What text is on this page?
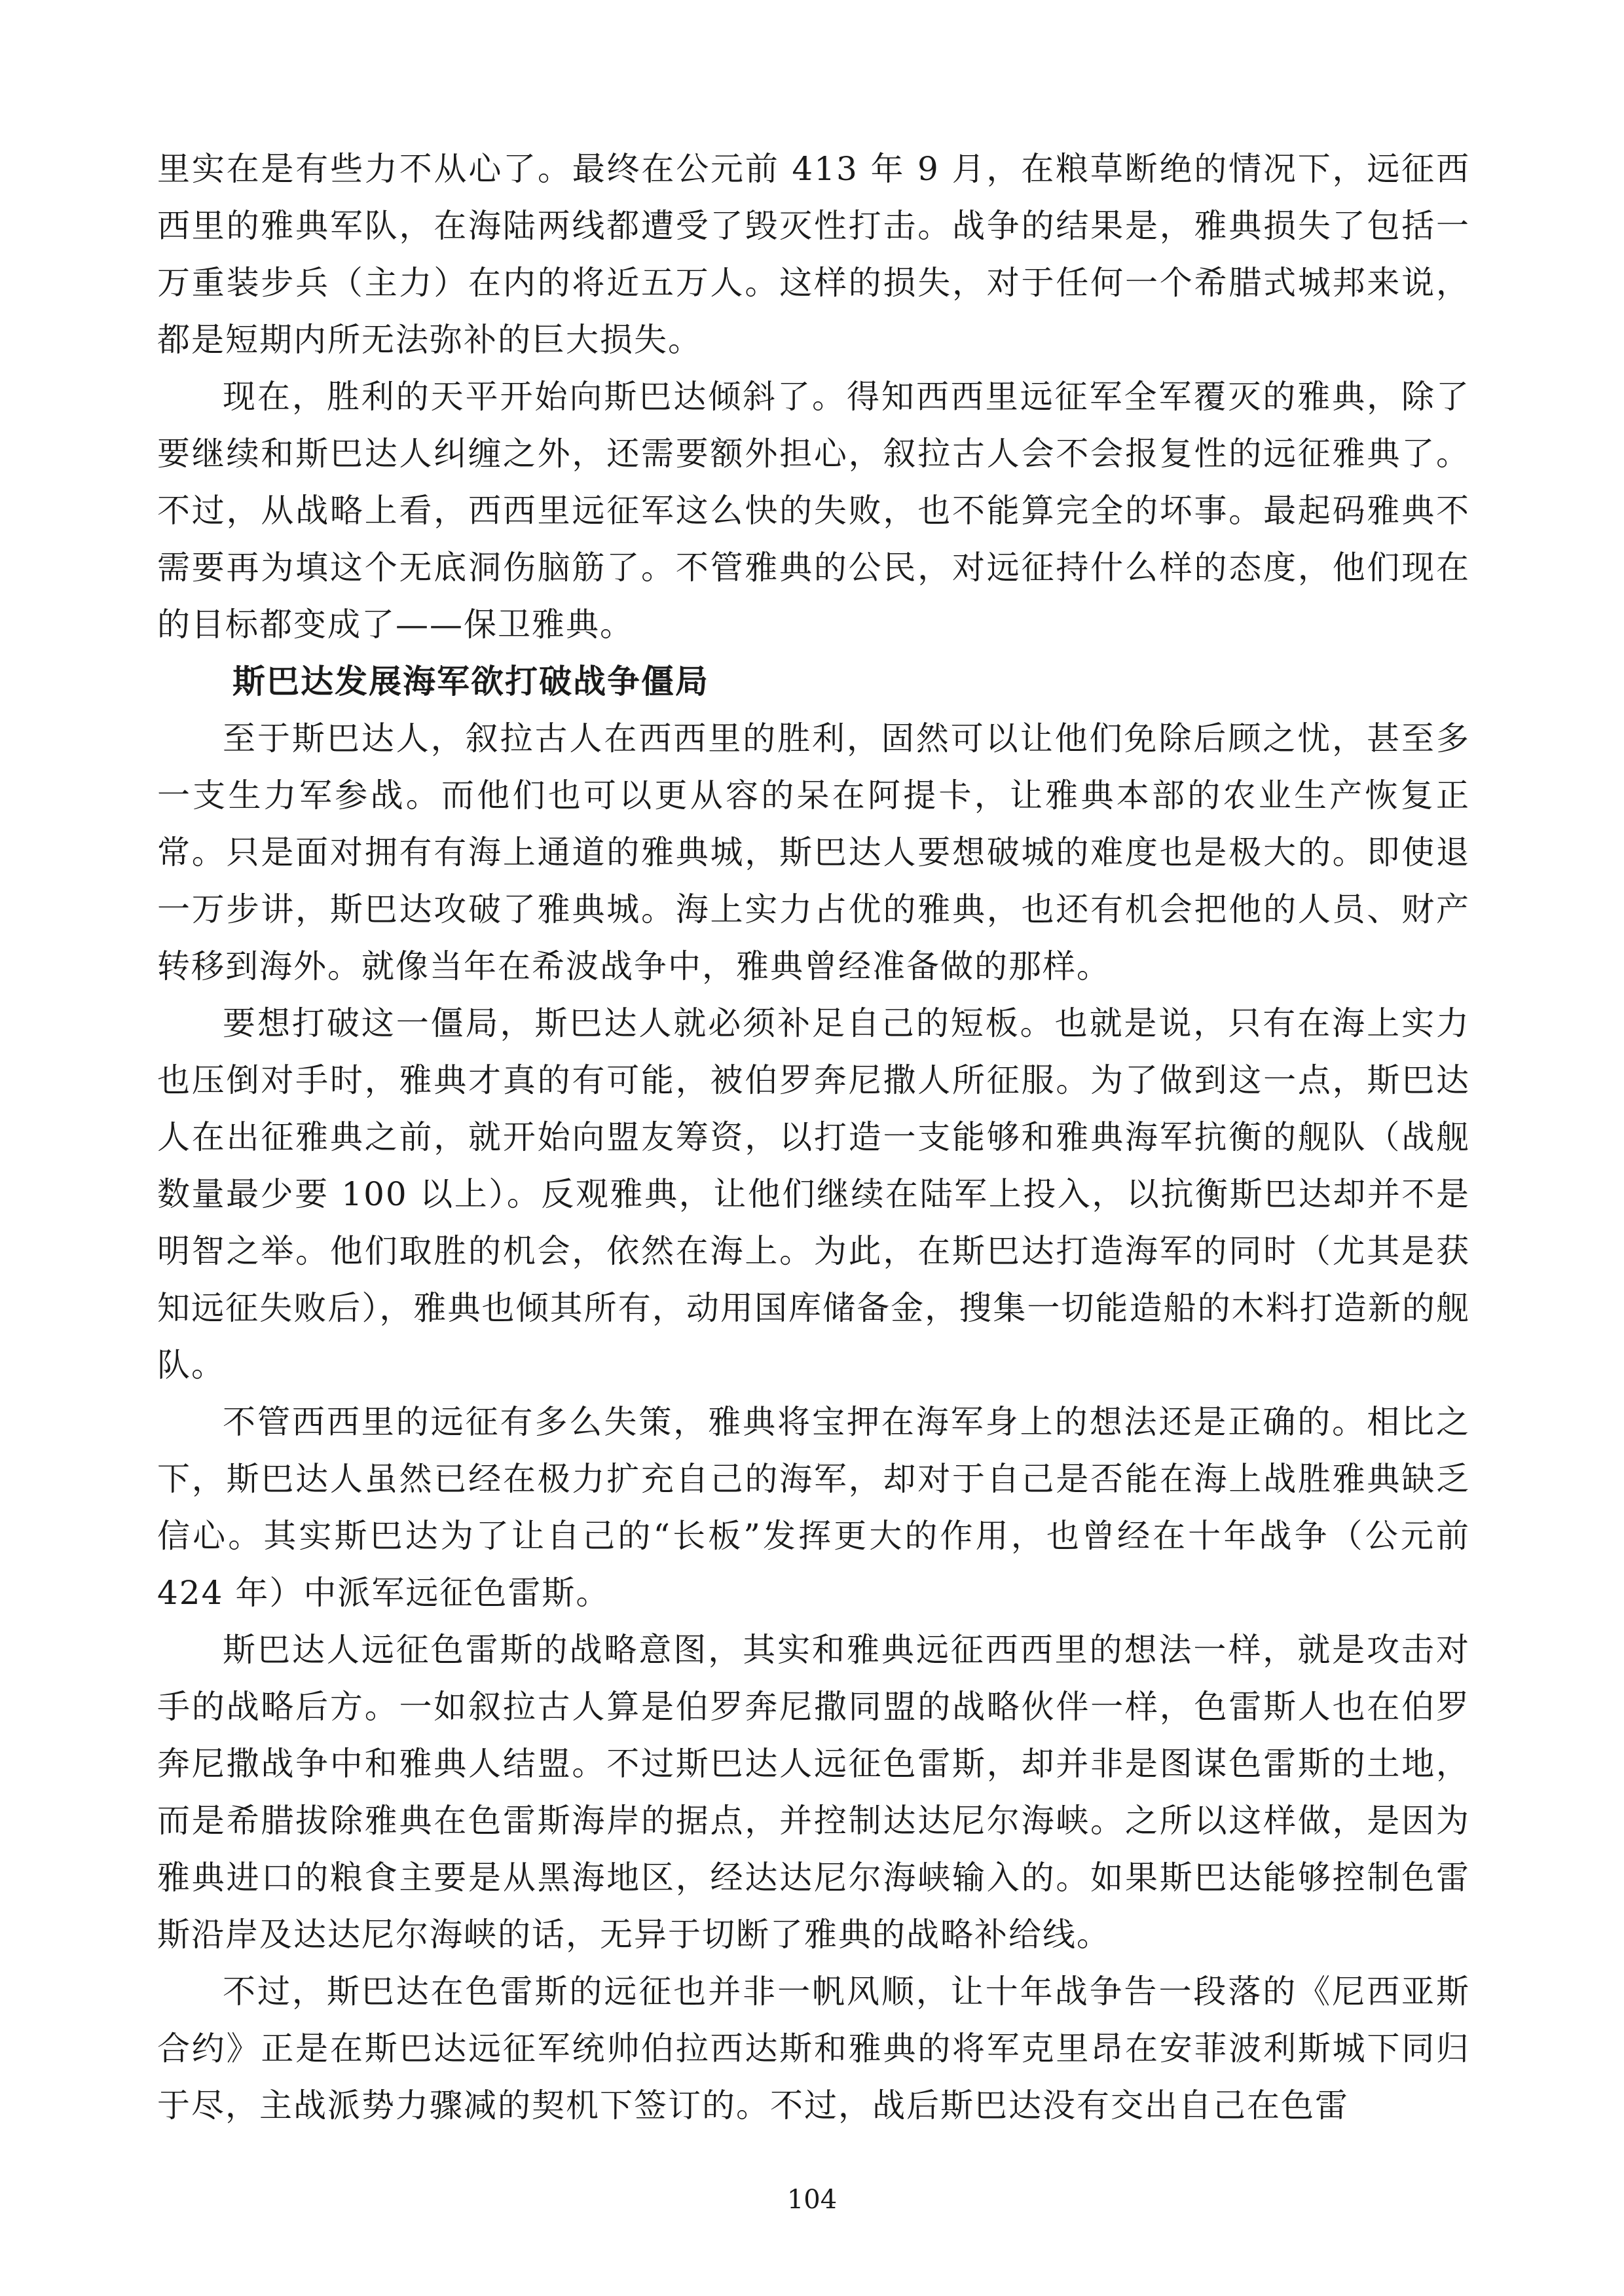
里实在是有些力不从心了。最终在公元前 413 年 9 月，在粮草断绝的情况下，远征西西里的雅典军队，在海陆两线都遭受了毁灭性打击。战争的结果是，雅典损失了包括一万重装步兵（主力）在内的将近五万人。这样的损失，对于任何一个希腊式城邦来说，都是短期内所无法弥补的巨大损失。

现在，胜利的天平开始向斯巴达倾斜了。得知西西里远征军全军覆灭的雅典，除了要继续和斯巴达人纠缠之外，还需要额外担心，叙拉古人会不会报复性的远征雅典了。不过，从战略上看，西西里远征军这么快的失败，也不能算完全的坏事。最起码雅典不需要再为填这个无底洞伤脑筋了。不管雅典的公民，对远征持什么样的态度，他们现在的目标都变成了——保卫雅典。

斯巴达发展海军欲打破战争僵局

至于斯巴达人，叙拉古人在西西里的胜利，固然可以让他们免除后顾之忧，甚至多一支生力军参战。而他们也可以更从容的呆在阿提卡，让雅典本部的农业生产恢复正常。只是面对拥有有海上通道的雅典城，斯巴达人要想破城的难度也是极大的。即使退一万步讲，斯巴达攻破了雅典城。海上实力占优的雅典，也还有机会把他的人员、财产转移到海外。就像当年在希波战争中，雅典曾经准备做的那样。

要想打破这一僵局，斯巴达人就必须补足自己的短板。也就是说，只有在海上实力也压倒对手时，雅典才真的有可能，被伯罗奔尼撒人所征服。为了做到这一点，斯巴达人在出征雅典之前，就开始向盟友筹资，以打造一支能够和雅典海军抗衡的舰队（战舰数量最少要 100 以上）。反观雅典，让他们继续在陆军上投入，以抗衡斯巴达却并不是明智之举。他们取胜的机会，依然在海上。为此，在斯巴达打造海军的同时（尤其是获知远征失败后），雅典也倾其所有，动用国库储备金，搜集一切能造船的木料打造新的舰队。

不管西西里的远征有多么失策，雅典将宝押在海军身上的想法还是正确的。相比之下，斯巴达人虽然已经在极力扩充自己的海军，却对于自己是否能在海上战胜雅典缺乏信心。其实斯巴达为了让自己的“长板”发挥更大的作用，也曾经在十年战争（公元前 424 年）中派军远征色雷斯。

斯巴达人远征色雷斯的战略意图，其实和雅典远征西西里的想法一样，就是攻击对手的战略后方。一如叙拉古人算是伯罗奔尼撒同盟的战略伙伴一样，色雷斯人也在伯罗奔尼撒战争中和雅典人结盟。不过斯巴达人远征色雷斯，却并非是图谋色雷斯的土地，而是希腊拔除雅典在色雷斯海岸的据点，并控制达达尼尔海峡。之所以这样做，是因为雅典进口的粮食主要是从黑海地区，经达达尼尔海峡输入的。如果斯巴达能够控制色雷斯沿岸及达达尼尔海峡的话，无异于切断了雅典的战略补给线。

不过，斯巴达在色雷斯的远征也并非一帆风顺，让十年战争告一段落的《尼西亚斯合约》正是在斯巴达远征军统帅伯拉西达斯和雅典的将军克里昂在安菲波利斯城下同归于尽，主战派势力骤减的契机下签订的。不过，战后斯巴达没有交出自己在色雷

104
